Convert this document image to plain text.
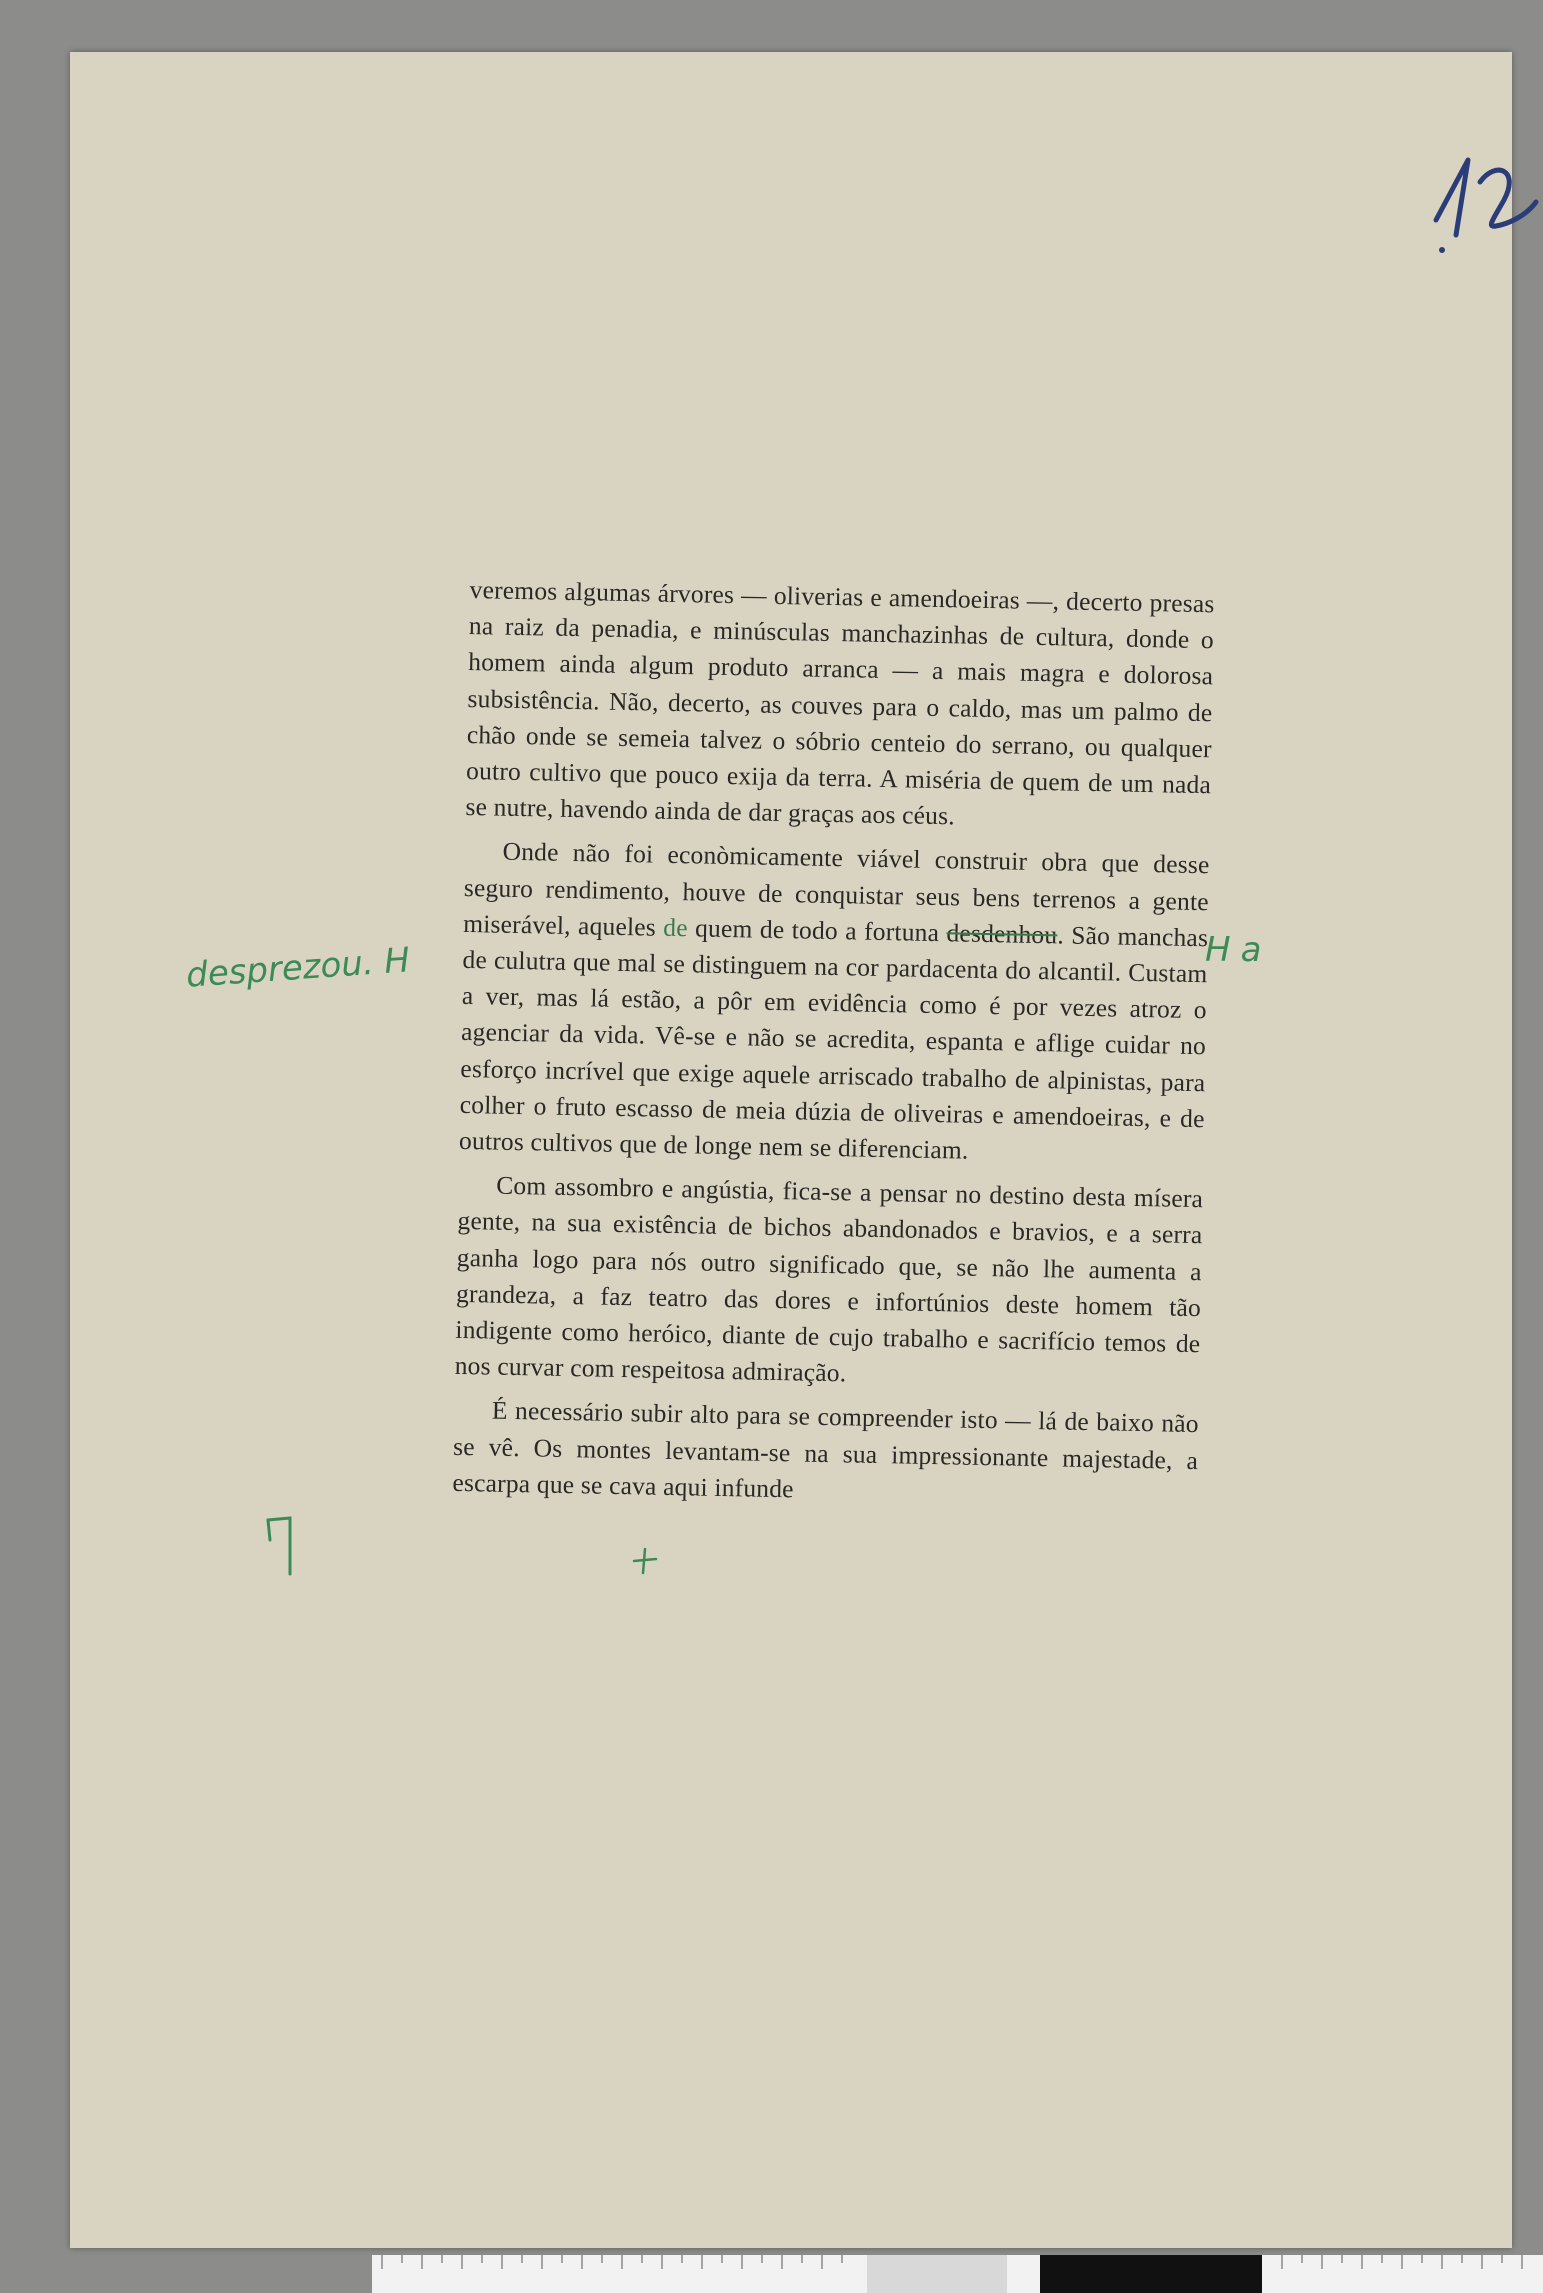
veremos algumas árvores — oliverias e amendoeiras —, decerto presas na raiz da penadia, e minúsculas manchazinhas de cultura, donde o homem ainda algum produto arranca — a mais magra e dolorosa subsistência. Não, decerto, as couves para o caldo, mas um palmo de chão onde se semeia talvez o sóbrio centeio do serrano, ou qualquer outro cultivo que pouco exija da terra. A miséria de quem de um nada se nutre, havendo ainda de dar graças aos céus.

Onde não foi econòmicamente viável construir obra que desse seguro rendimento, houve de conquistar seus bens terrenos a gente miserável, aqueles de quem de todo a fortuna desdenhou. São manchas de culutra que mal se distinguem na cor pardacenta do alcantil. Custam a ver, mas lá estão, a pôr em evidência como é por vezes atroz o agenciar da vida. Vê-se e não se acredita, espanta e aflige cuidar no esforço incrível que exige aquele arriscado trabalho de alpinistas, para colher o fruto escasso de meia dúzia de oliveiras e amendoeiras, e de outros cultivos que de longe nem se diferenciam.

Com assombro e angústia, fica-se a pensar no destino desta mísera gente, na sua existência de bichos abandonados e bravios, e a serra ganha logo para nós outro significado que, se não lhe aumenta a grandeza, a faz teatro das dores e infortúnios deste homem tão indigente como heróico, diante de cujo trabalho e sacrifício temos de nos curvar com respeitosa admiração.

É necessário subir alto para se compreender isto — lá de baixo não se vê. Os montes levantam-se na sua impressionante majestade, a escarpa que se cava aqui infunde

desprezou. H	Ha
